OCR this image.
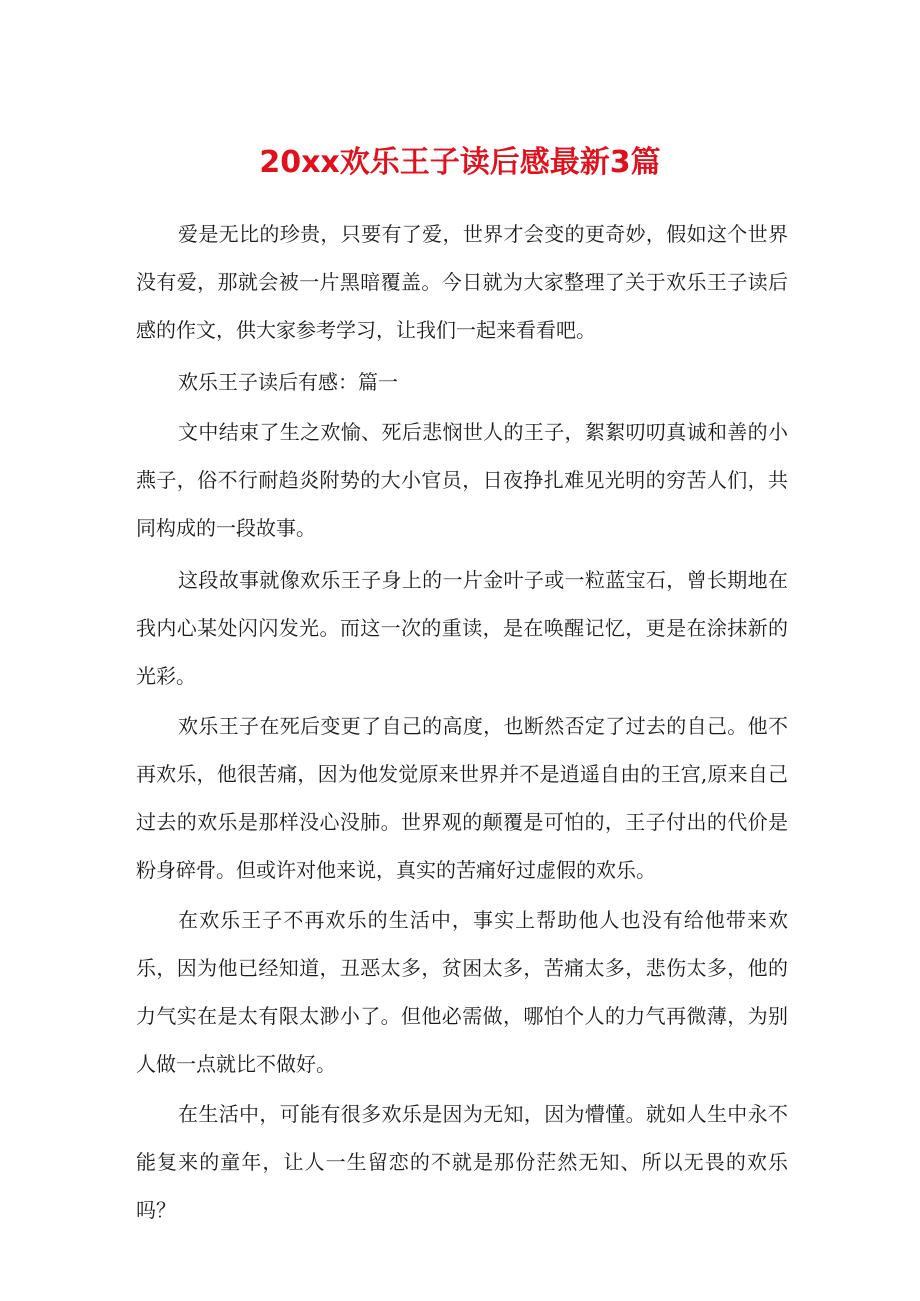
20xx欢乐王子读后感最新3篇

爱是无比的珍贵，只要有了爱，世界才会变的更奇妙，假如这个世界没有爱，那就会被一片黑暗覆盖。今日就为大家整理了关于欢乐王子读后感的作文，供大家参考学习，让我们一起来看看吧。

欢乐王子读后有感：篇一

文中结束了生之欢愉、死后悲悯世人的王子，絮絮叨叨真诚和善的小燕子，俗不行耐趋炎附势的大小官员，日夜挣扎难见光明的穷苦人们，共同构成的一段故事。

这段故事就像欢乐王子身上的一片金叶子或一粒蓝宝石，曾长期地在我内心某处闪闪发光。而这一次的重读，是在唤醒记忆，更是在涂抹新的光彩。

欢乐王子在死后变更了自己的高度，也断然否定了过去的自己。他不再欢乐，他很苦痛，因为他发觉原来世界并不是逍遥自由的王宫,原来自己过去的欢乐是那样没心没肺。世界观的颠覆是可怕的，王子付出的代价是粉身碎骨。但或许对他来说，真实的苦痛好过虚假的欢乐。

在欢乐王子不再欢乐的生活中，事实上帮助他人也没有给他带来欢乐，因为他已经知道，丑恶太多，贫困太多，苦痛太多，悲伤太多，他的力气实在是太有限太渺小了。但他必需做，哪怕个人的力气再微薄，为别人做一点就比不做好。

在生活中，可能有很多欢乐是因为无知，因为懵懂。就如人生中永不能复来的童年，让人一生留恋的不就是那份茫然无知、所以无畏的欢乐吗？
